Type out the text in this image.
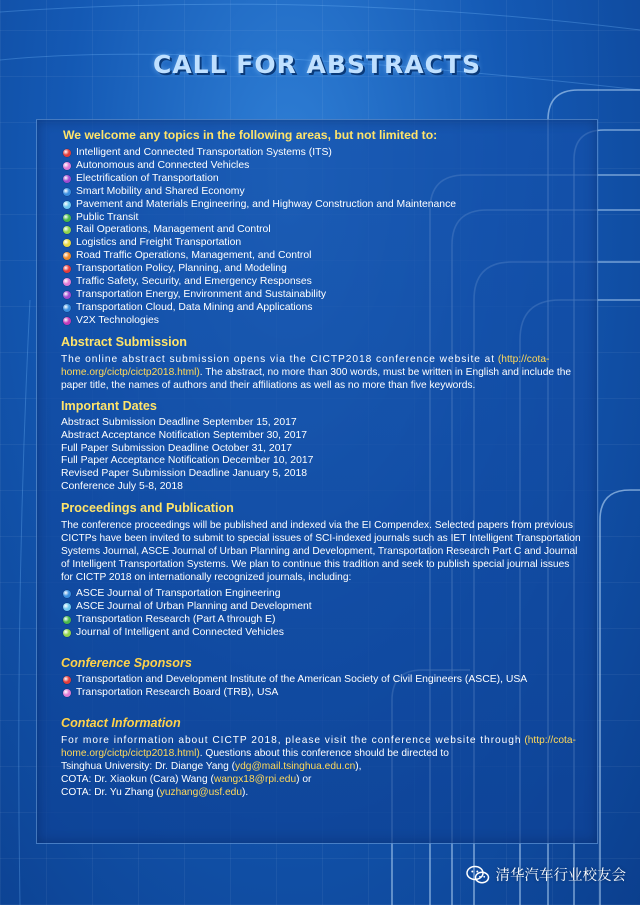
CALL FOR ABSTRACTS
We welcome any topics in the following areas, but not limited to:
Intelligent and Connected Transportation Systems (ITS)
Autonomous and Connected Vehicles
Electrification of Transportation
Smart Mobility and Shared Economy
Pavement and Materials Engineering, and Highway Construction and Maintenance
Public Transit
Rail Operations, Management and Control
Logistics and Freight Transportation
Road Traffic Operations, Management, and Control
Transportation Policy, Planning, and Modeling
Traffic Safety, Security, and Emergency Responses
Transportation Energy, Environment and Sustainability
Transportation Cloud, Data Mining and Applications
V2X Technologies
Abstract Submission

The online abstract submission opens via the CICTP2018 conference website at (http://cota-home.org/cictp/cictp2018.html). The abstract, no more than 300 words, must be written in English and include the paper title, the names of authors and their affiliations as well as no more than five keywords.

Important Dates
Abstract Submission Deadline September 15, 2017
Abstract Acceptance Notification September 30, 2017
Full Paper Submission Deadline October 31, 2017
Full Paper Acceptance Notification December 10, 2017
Revised Paper Submission Deadline January 5, 2018
Conference July 5-8, 2018
Proceedings and Publication

The conference proceedings will be published and indexed via the EI Compendex. Selected papers from previous CICTPs have been invited to submit to special issues of SCI-indexed journals such as IET Intelligent Transportation Systems Journal, ASCE Journal of Urban Planning and Development, Transportation Research Part C and Journal of Intelligent Transportation Systems. We plan to continue this tradition and seek to publish special journal issues for CICTP 2018 on internationally recognized journals, including:

ASCE Journal of Transportation Engineering
ASCE Journal of Urban Planning and Development
Transportation Research (Part A through E)
Journal of Intelligent and Connected Vehicles
Conference Sponsors
Transportation and Development Institute of the American Society of Civil Engineers (ASCE), USA
Transportation Research Board (TRB), USA
Contact Information

For more information about CICTP 2018, please visit the conference website through (http://cota-home.org/cictp/cictp2018.html). Questions about this conference should be directed to
Tsinghua University: Dr. Diange Yang (ydg@mail.tsinghua.edu.cn),
COTA: Dr. Xiaokun (Cara) Wang (wangx18@rpi.edu) or
COTA: Dr. Yu Zhang (yuzhang@usf.edu).

清华汽车行业校友会
